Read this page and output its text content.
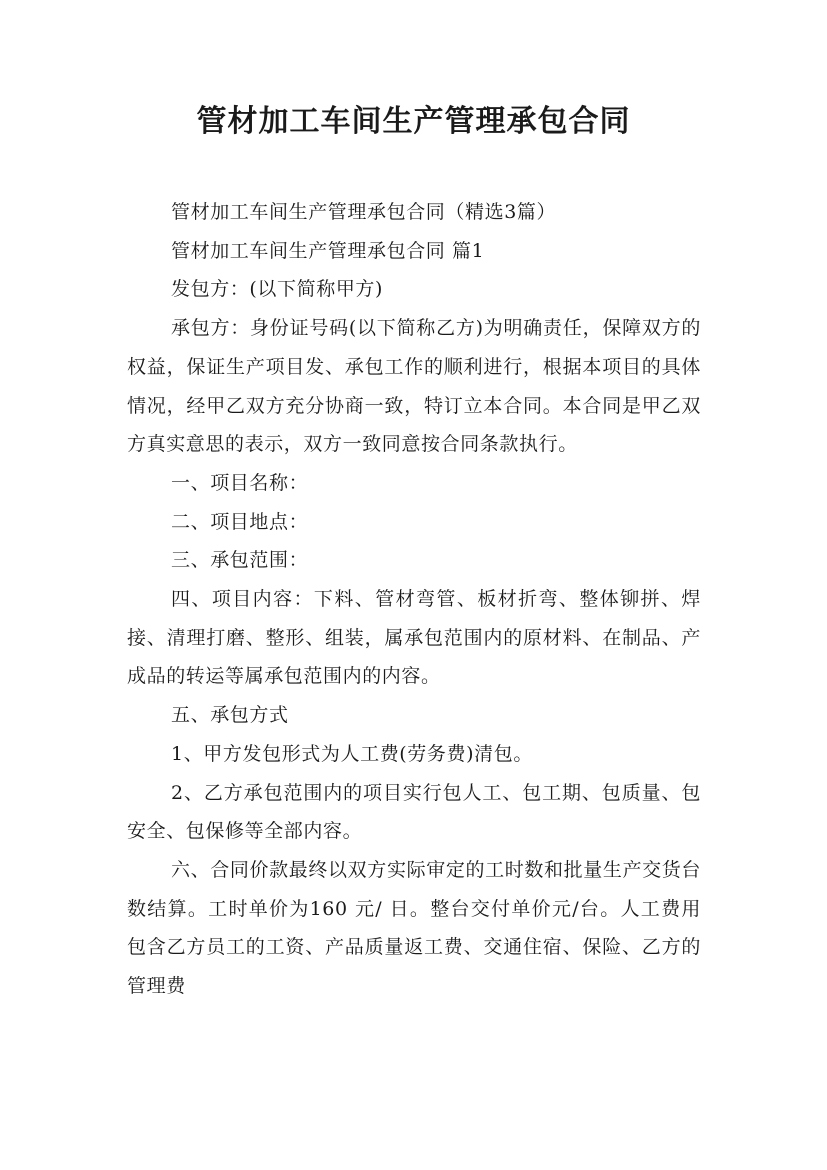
管材加工车间生产管理承包合同

管材加工车间生产管理承包合同（精选3篇）

管材加工车间生产管理承包合同 篇1

发包方：(以下简称甲方)

承包方：身份证号码(以下简称乙方)为明确责任，保障双方的权益，保证生产项目发、承包工作的顺利进行，根据本项目的具体情况，经甲乙双方充分协商一致，特订立本合同。本合同是甲乙双方真实意思的表示，双方一致同意按合同条款执行。

一、项目名称：

二、项目地点：

三、承包范围：

四、项目内容：下料、管材弯管、板材折弯、整体铆拼、焊接、清理打磨、整形、组装，属承包范围内的原材料、在制品、产成品的转运等属承包范围内的内容。

五、承包方式

1、甲方发包形式为人工费(劳务费)清包。

2、乙方承包范围内的项目实行包人工、包工期、包质量、包安全、包保修等全部内容。

六、合同价款最终以双方实际审定的工时数和批量生产交货台数结算。工时单价为160 元/ 日。整台交付单价元/台。人工费用包含乙方员工的工资、产品质量返工费、交通住宿、保险、乙方的管理费
